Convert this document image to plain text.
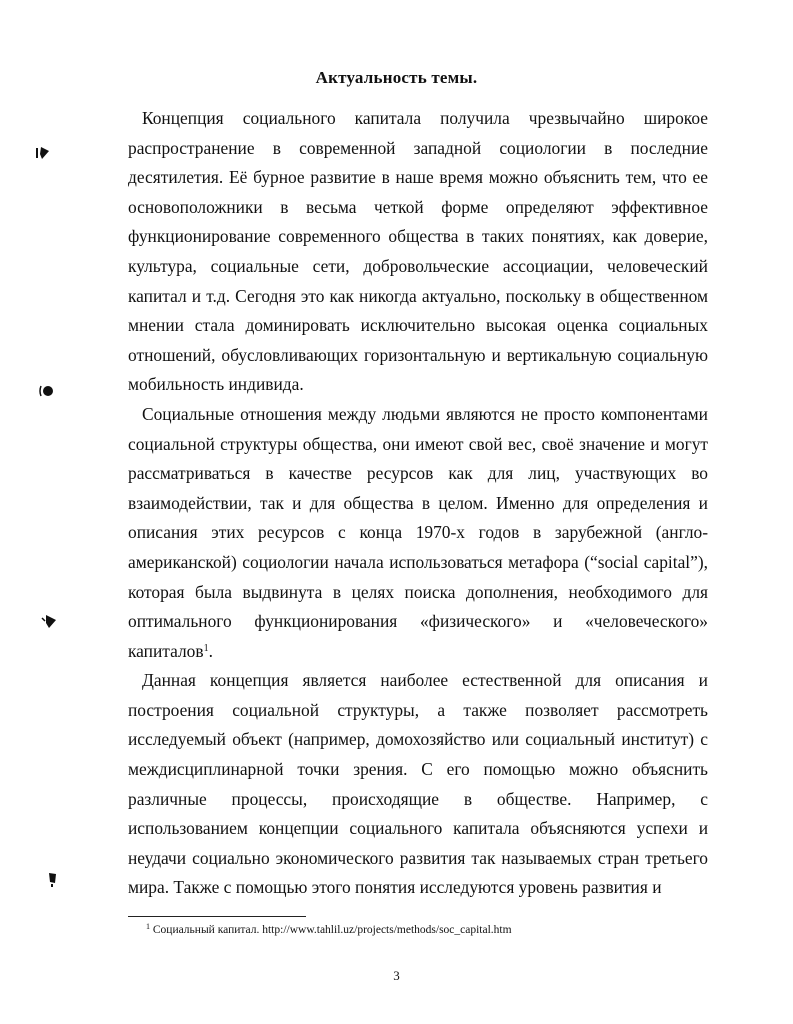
Актуальность темы.

Концепция социального капитала получила чрезвычайно широкое распространение в современной западной социологии в последние десятилетия. Её бурное развитие в наше время можно объяснить тем, что ее основоположники в весьма четкой форме определяют эффективное функционирование современного общества в таких понятиях, как доверие, культура, социальные сети, добровольческие ассоциации, человеческий капитал и т.д. Сегодня это как никогда актуально, поскольку в общественном мнении стала доминировать исключительно высокая оценка социальных отношений, обусловливающих горизонтальную и вертикальную социальную мобильность индивида.

Социальные отношения между людьми являются не просто компонентами социальной структуры общества, они имеют свой вес, своё значение и могут рассматриваться в качестве ресурсов как для лиц, участвующих во взаимодействии, так и для общества в целом. Именно для определения и описания этих ресурсов с конца 1970-х годов в зарубежной (англо-американской) социологии начала использоваться метафора (“social capital”), которая была выдвинута в целях поиска дополнения, необходимого для оптимального функционирования «физического» и «человеческого» капиталов$^1$.

Данная концепция является наиболее естественной для описания и построения социальной структуры, а также позволяет рассмотреть исследуемый объект (например, домохозяйство или социальный институт) с междисциплинарной точки зрения. С его помощью можно объяснить различные процессы, происходящие в обществе. Например, с использованием концепции социального капитала объясняются успехи и неудачи социально экономического развития так называемых стран третьего мира. Также с помощью этого понятия исследуются уровень развития и

$^1$ Социальный капитал. http://www.tahlil.uz/projects/methods/soc_capital.htm
3
